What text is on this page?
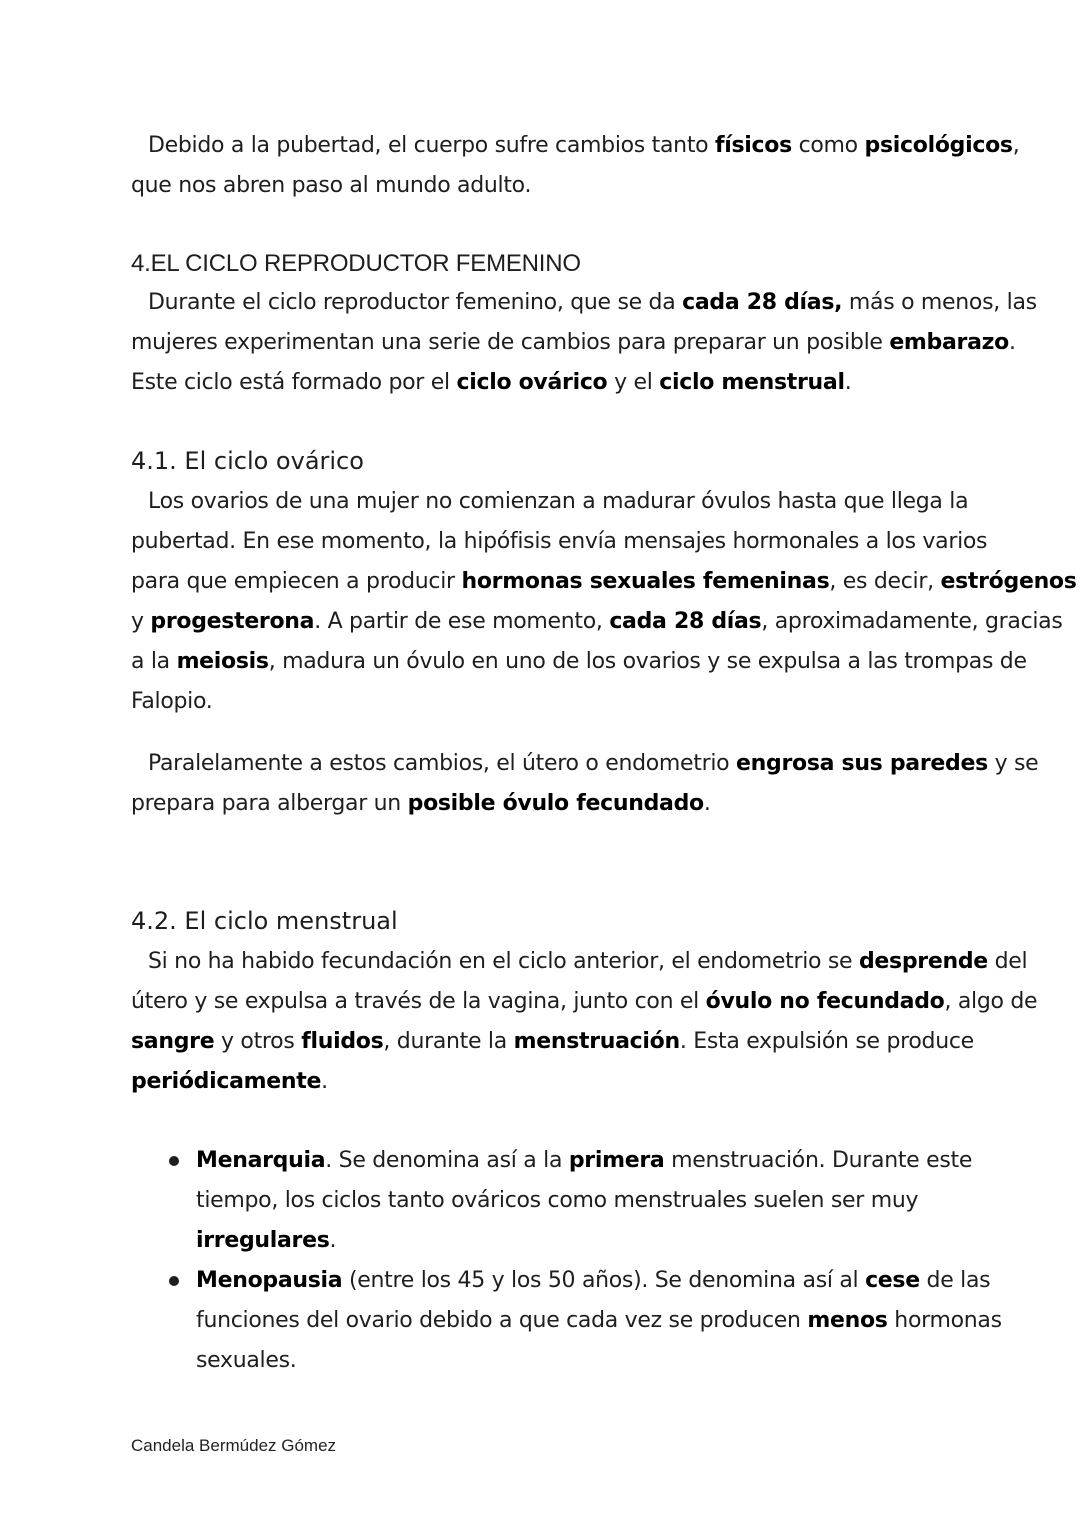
Debido a la pubertad, el cuerpo sufre cambios tanto físicos como psicológicos,
que nos abren paso al mundo adulto.
4.EL CICLO REPRODUCTOR FEMENINO
Durante el ciclo reproductor femenino, que se da cada 28 días, más o menos, las
mujeres experimentan una serie de cambios para preparar un posible embarazo.
Este ciclo está formado por el ciclo ovárico y el ciclo menstrual.
4.1. El ciclo ovárico
Los ovarios de una mujer no comienzan a madurar óvulos hasta que llega la
pubertad. En ese momento, la hipófisis envía mensajes hormonales a los varios
para que empiecen a producir hormonas sexuales femeninas, es decir, estrógenos
y progesterona. A partir de ese momento, cada 28 días, aproximadamente, gracias
a la meiosis, madura un óvulo en uno de los ovarios y se expulsa a las trompas de
Falopio.
Paralelamente a estos cambios, el útero o endometrio engrosa sus paredes y se
prepara para albergar un posible óvulo fecundado.
4.2. El ciclo menstrual
Si no ha habido fecundación en el ciclo anterior, el endometrio se desprende del
útero y se expulsa a través de la vagina, junto con el óvulo no fecundado, algo de
sangre y otros fluidos, durante la menstruación. Esta expulsión se produce
periódicamente.
Menarquia. Se denomina así a la primera menstruación. Durante este
tiempo, los ciclos tanto ováricos como menstruales suelen ser muy
irregulares.
Menopausia (entre los 45 y los 50 años). Se denomina así al cese de las
funciones del ovario debido a que cada vez se producen menos hormonas
sexuales.
Candela Bermúdez Gómez
